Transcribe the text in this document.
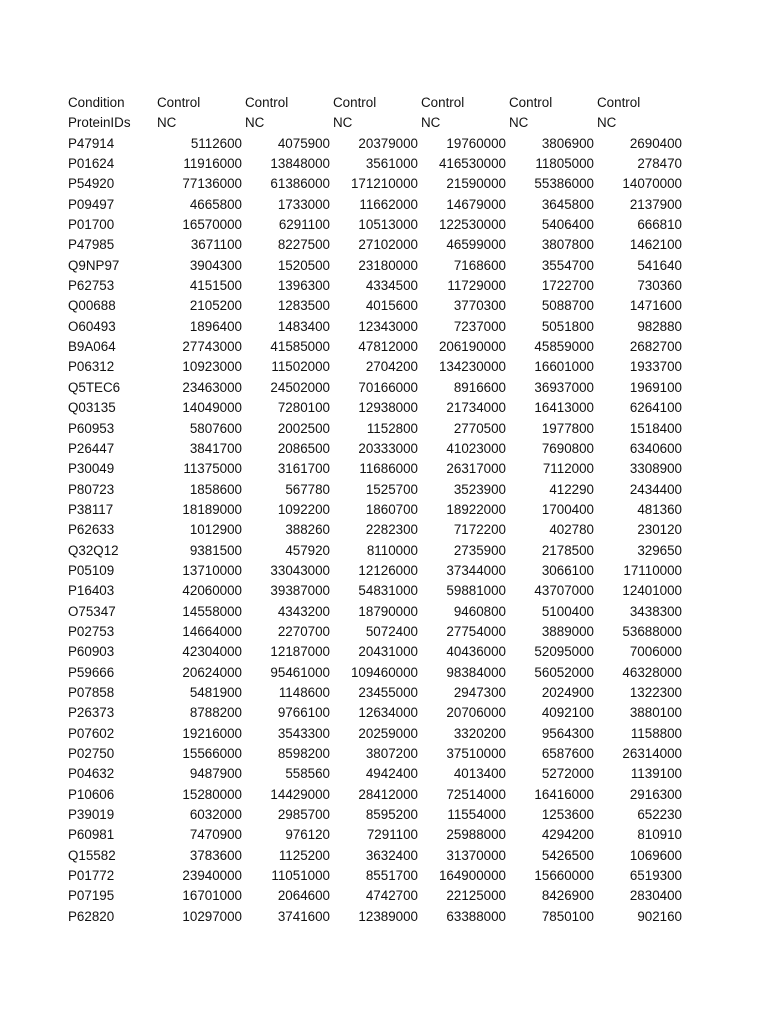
Condition	Control	Control	Control	Control	Control	Control
ProteinIDs	NC	NC	NC	NC	NC	NC
P47914	5112600	4075900	20379000	19760000	3806900	2690400
P01624	11916000	13848000	3561000	416530000	11805000	278470
P54920	77136000	61386000	171210000	21590000	55386000	14070000
P09497	4665800	1733000	11662000	14679000	3645800	2137900
P01700	16570000	6291100	10513000	122530000	5406400	666810
P47985	3671100	8227500	27102000	46599000	3807800	1462100
Q9NP97	3904300	1520500	23180000	7168600	3554700	541640
P62753	4151500	1396300	4334500	11729000	1722700	730360
Q00688	2105200	1283500	4015600	3770300	5088700	1471600
O60493	1896400	1483400	12343000	7237000	5051800	982880
B9A064	27743000	41585000	47812000	206190000	45859000	2682700
P06312	10923000	11502000	2704200	134230000	16601000	1933700
Q5TEC6	23463000	24502000	70166000	8916600	36937000	1969100
Q03135	14049000	7280100	12938000	21734000	16413000	6264100
P60953	5807600	2002500	1152800	2770500	1977800	1518400
P26447	3841700	2086500	20333000	41023000	7690800	6340600
P30049	11375000	3161700	11686000	26317000	7112000	3308900
P80723	1858600	567780	1525700	3523900	412290	2434400
P38117	18189000	1092200	1860700	18922000	1700400	481360
P62633	1012900	388260	2282300	7172200	402780	230120
Q32Q12	9381500	457920	8110000	2735900	2178500	329650
P05109	13710000	33043000	12126000	37344000	3066100	17110000
P16403	42060000	39387000	54831000	59881000	43707000	12401000
O75347	14558000	4343200	18790000	9460800	5100400	3438300
P02753	14664000	2270700	5072400	27754000	3889000	53688000
P60903	42304000	12187000	20431000	40436000	52095000	7006000
P59666	20624000	95461000	109460000	98384000	56052000	46328000
P07858	5481900	1148600	23455000	2947300	2024900	1322300
P26373	8788200	9766100	12634000	20706000	4092100	3880100
P07602	19216000	3543300	20259000	3320200	9564300	1158800
P02750	15566000	8598200	3807200	37510000	6587600	26314000
P04632	9487900	558560	4942400	4013400	5272000	1139100
P10606	15280000	14429000	28412000	72514000	16416000	2916300
P39019	6032000	2985700	8595200	11554000	1253600	652230
P60981	7470900	976120	7291100	25988000	4294200	810910
Q15582	3783600	1125200	3632400	31370000	5426500	1069600
P01772	23940000	11051000	8551700	164900000	15660000	6519300
P07195	16701000	2064600	4742700	22125000	8426900	2830400
P62820	10297000	3741600	12389000	63388000	7850100	902160
